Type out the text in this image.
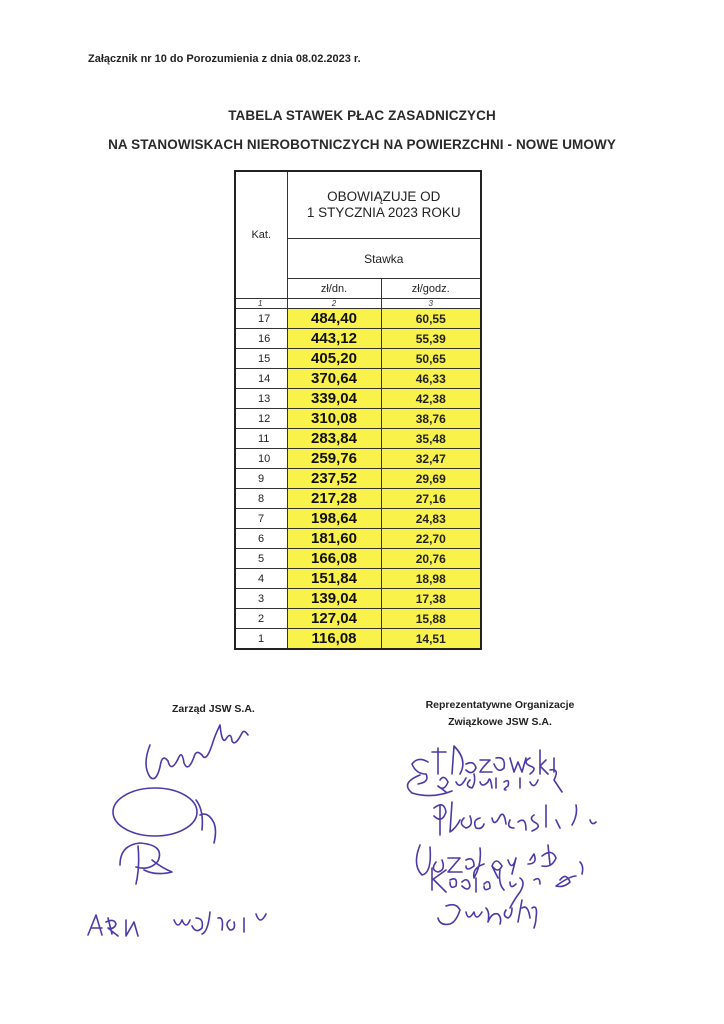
Załącznik nr 10 do Porozumienia z dnia 08.02.2023 r.
TABELA STAWEK PŁAC ZASADNICZYCH
NA STANOWISKACH NIEROBOTNICZYCH NA POWIERZCHNI - NOWE UMOWY
Kat.	OBOWIĄZUJE OD
1 STYCZNIA 2023 ROKU	

	Stawka	
	zł/dn.	zł/godz.
1	2	3
17	484,40	60,55
16	443,12	55,39
15	405,20	50,65
14	370,64	46,33
13	339,04	42,38
12	310,08	38,76
11	283,84	35,48
10	259,76	32,47
9	237,52	29,69
8	217,28	27,16
7	198,64	24,83
6	181,60	22,70
5	166,08	20,76
4	151,84	18,98
3	139,04	17,38
2	127,04	15,88
1	116,08	14,51
Zarząd JSW S.A.	Reprezentatywne Organizacje
Związkowe JSW S.A.
